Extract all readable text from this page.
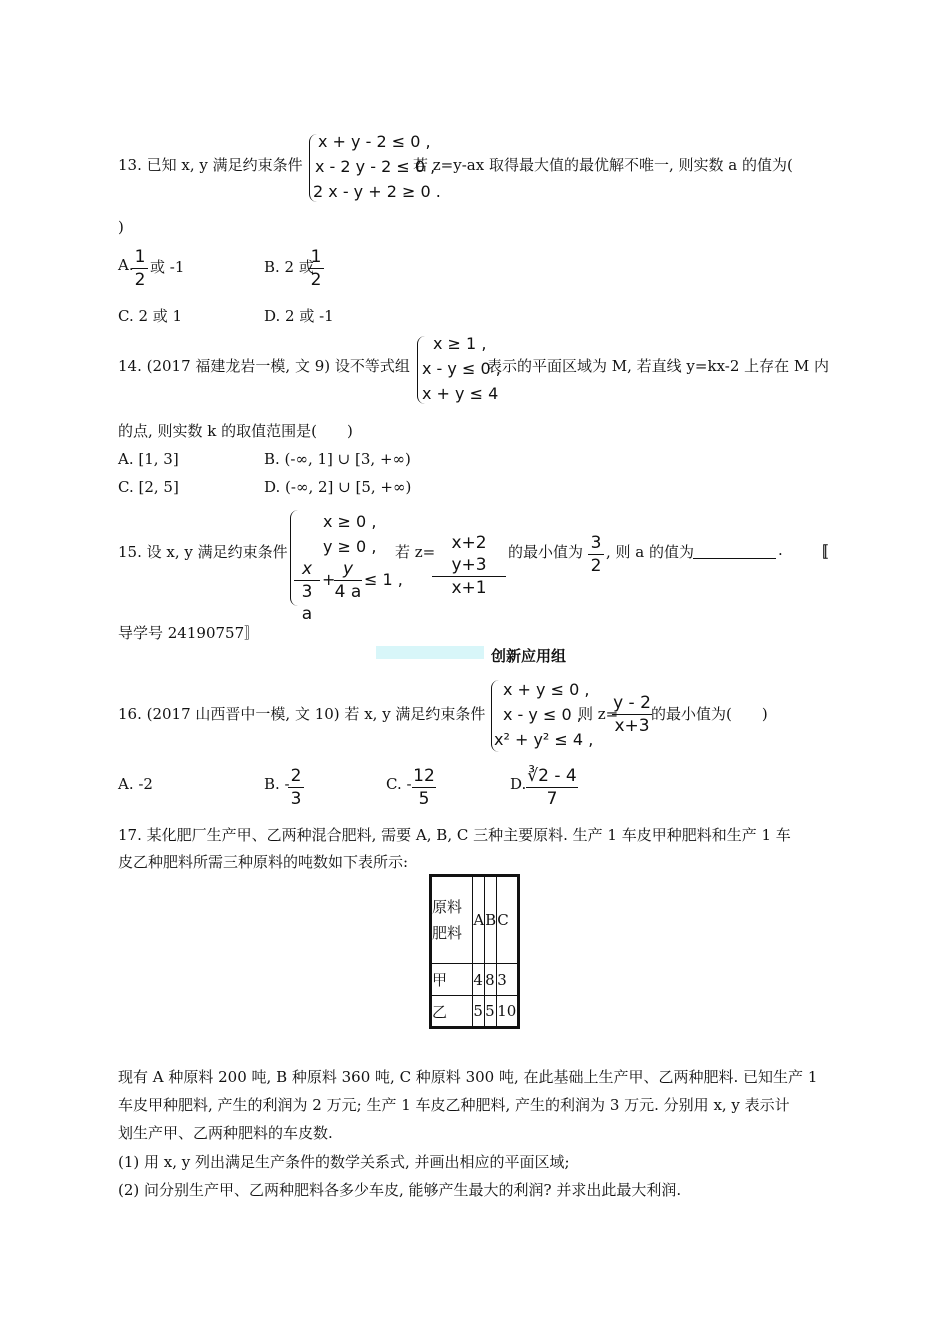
13. 已知 x, y 满足约束条件
x + y - 2 ≤ 0 ,
x - 2 y - 2 ≤ 0 ,
2 x - y + 2 ≥ 0 .
若 z=y-ax 取得最大值的最优解不唯一, 则实数 a 的值为(
)
A. 1
2
或 -1	B. 2 或
1
2
C. 2 或 1	D. 2 或 -1
14. (2017 福建龙岩一模, 文 9) 设不等式组
x ≥ 1 ,
x - y ≤ 0 ,
x + y ≤ 4
表示的平面区域为 M, 若直线 y=kx-2 上存在 M 内
的点, 则实数 k 的取值范围是(　　)
A. [1, 3]	B. (-∞, 1] ∪ [3, +∞)
C. [2, 5]	D. (-∞, 2] ∪ [5, +∞)
15. 设 x, y 满足约束条件
x ≥ 0 ,
y ≥ 0 ,
x
3 a
+
y
4 a
≤ 1 ,
若 z= x+2 y+3
x+1
的最小值为 3
2
, 则 a 的值为	. 〚
导学号 24190757〛
创新应用组
16. (2017 山西晋中一模, 文 10) 若 x, y 满足约束条件
x + y ≤ 0 ,
x - y ≤ 0 ,
x² + y² ≤ 4 ,
则 z=
y - 2
x+3
的最小值为(　　)
A. -2	B. - 2
3
C. - 12
5
D. ∛2 - 4
7
17. 某化肥厂生产甲、乙两种混合肥料, 需要 A, B, C 三种主要原料. 生产 1 车皮甲种肥料和生产 1 车
皮乙种肥料所需三种原料的吨数如下表所示:
原料
肥料	A	B	C
甲	4	8	3
乙	5	5	10
现有 A 种原料 200 吨, B 种原料 360 吨, C 种原料 300 吨, 在此基础上生产甲、乙两种肥料. 已知生产 1
车皮甲种肥料, 产生的利润为 2 万元; 生产 1 车皮乙种肥料, 产生的利润为 3 万元. 分别用 x, y 表示计
划生产甲、乙两种肥料的车皮数.
(1) 用 x, y 列出满足生产条件的数学关系式, 并画出相应的平面区域;
(2) 问分别生产甲、乙两种肥料各多少车皮, 能够产生最大的利润? 并求出此最大利润.
